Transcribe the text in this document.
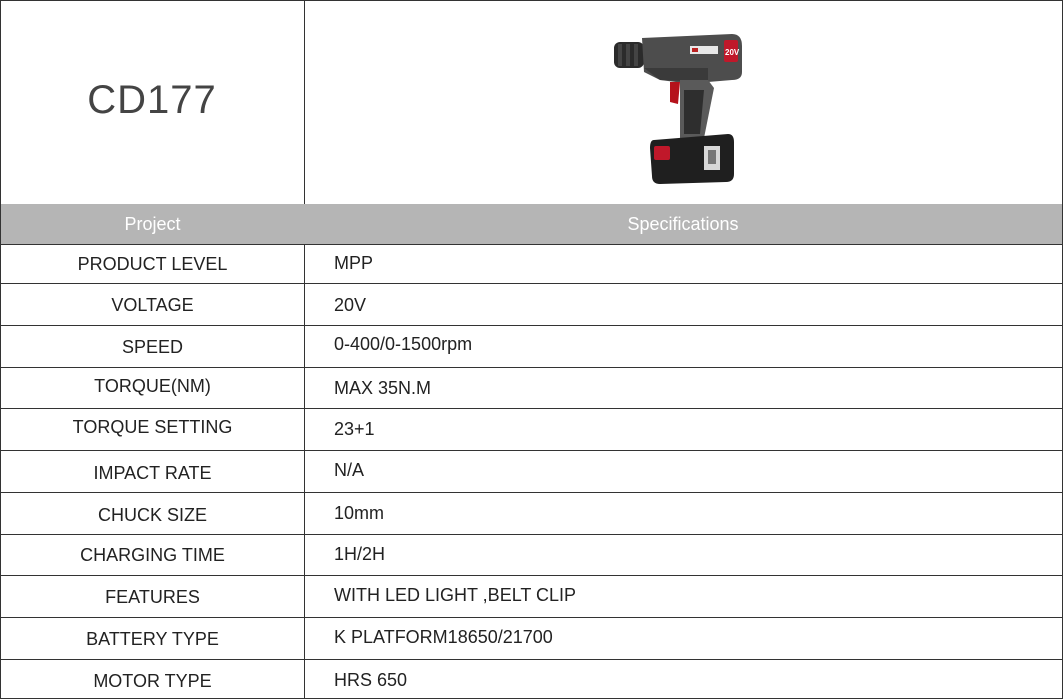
CD177
20V
Project	Specifications
PRODUCT LEVEL	MPP
VOLTAGE	20V
SPEED	0-400/0-1500rpm
TORQUE(NM)	MAX 35N.M
TORQUE SETTING	23+1
IMPACT RATE	N/A
CHUCK SIZE	10mm
CHARGING TIME	1H/2H
FEATURES	WITH LED LIGHT ,BELT CLIP
BATTERY TYPE	K PLATFORM18650/21700
MOTOR TYPE	HRS 650
